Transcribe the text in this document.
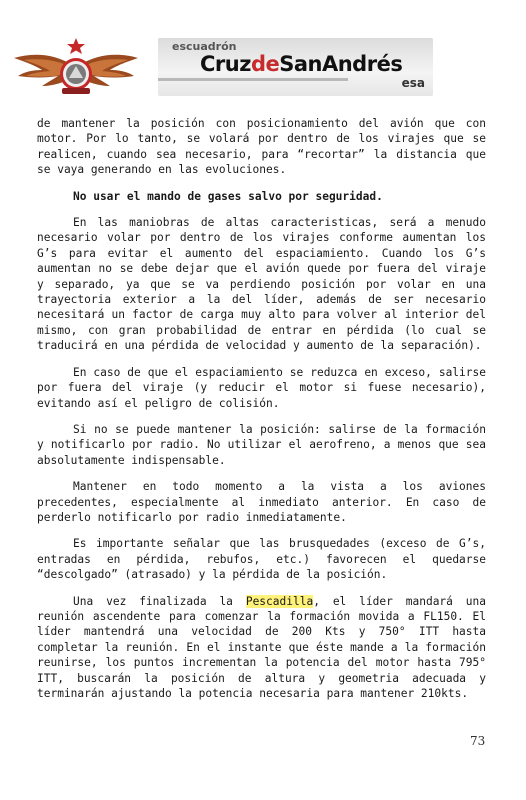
escuadrón
CruzdeSanAndrés
esa

de mantener la posición con posicionamiento del avión que con motor. Por lo tanto, se volará por dentro de los virajes que se realicen, cuando sea necesario, para “recortar” la distancia que se vaya generando en las evoluciones.

No usar el mando de gases salvo por seguridad.

En las maniobras de altas caracteristicas, será a menudo necesario volar por dentro de los virajes conforme aumentan los G’s para evitar el aumento del espaciamiento. Cuando los G’s aumentan no se debe dejar que el avión quede por fuera del viraje y separado, ya que se va perdiendo posición por volar en una trayectoria exterior a la del líder, además de ser necesario necesitará un factor de carga muy alto para volver al interior del mismo, con gran probabilidad de entrar en pérdida (lo cual se traducirá en una pérdida de velocidad y aumento de la separación).

En caso de que el espaciamiento se reduzca en exceso, salirse por fuera del viraje (y reducir el motor si fuese necesario), evitando así el peligro de colisión.

Si no se puede mantener la posición: salirse de la formación y notificarlo por radio. No utilizar el aerofreno, a menos que sea absolutamente indispensable.

Mantener en todo momento a la vista a los aviones precedentes, especialmente al inmediato anterior. En caso de perderlo notificarlo por radio inmediatamente.

Es importante señalar que las brusquedades (exceso de G’s, entradas en pérdida, rebufos, etc.) favorecen el quedarse “descolgado” (atrasado) y la pérdida de la posición.

Una vez finalizada la Pescadilla, el líder mandará una reunión ascendente para comenzar la formación movida a FL150. El líder mantendrá una velocidad de 200 Kts y 750° ITT hasta completar la reunión. En el instante que éste mande a la formación reunirse, los puntos incrementan la potencia del motor hasta 795° ITT, buscarán la posición de altura y geometria adecuada y terminarán ajustando la potencia necesaria para mantener 210kts.

73
